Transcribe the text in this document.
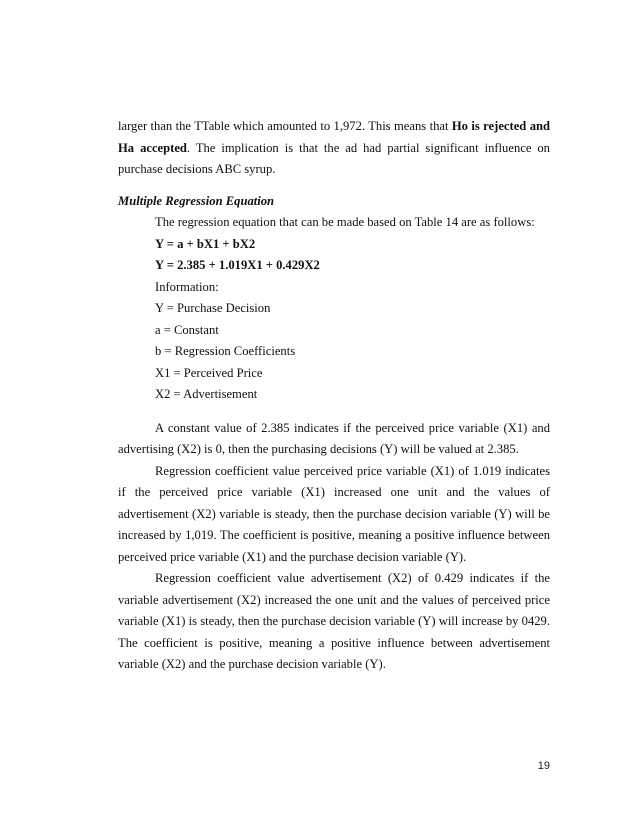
larger than the TTable which amounted to 1,972. This means that Ho is rejected and Ha accepted. The implication is that the ad had partial significant influence on purchase decisions ABC syrup.

Multiple Regression Equation

The regression equation that can be made based on Table 14 are as follows:
Y = a + bX1 + bX2
Y = 2.385 + 1.019X1 + 0.429X2
Information:
Y = Purchase Decision
a = Constant
b = Regression Coefficients
X1 = Perceived Price
X2 = Advertisement

A constant value of 2.385 indicates if the perceived price variable (X1) and advertising (X2) is 0, then the purchasing decisions (Y) will be valued at 2.385.

Regression coefficient value perceived price variable (X1) of 1.019 indicates if the perceived price variable (X1) increased one unit and the values of advertisement (X2) variable is steady, then the purchase decision variable (Y) will be increased by 1,019. The coefficient is positive, meaning a positive influence between perceived price variable (X1) and the purchase decision variable (Y).

Regression coefficient value advertisement (X2) of 0.429 indicates if the variable advertisement (X2) increased the one unit and the values of perceived price variable (X1) is steady, then the purchase decision variable (Y) will increase by 0429. The coefficient is positive, meaning a positive influence between advertisement variable (X2) and the purchase decision variable (Y).

19
